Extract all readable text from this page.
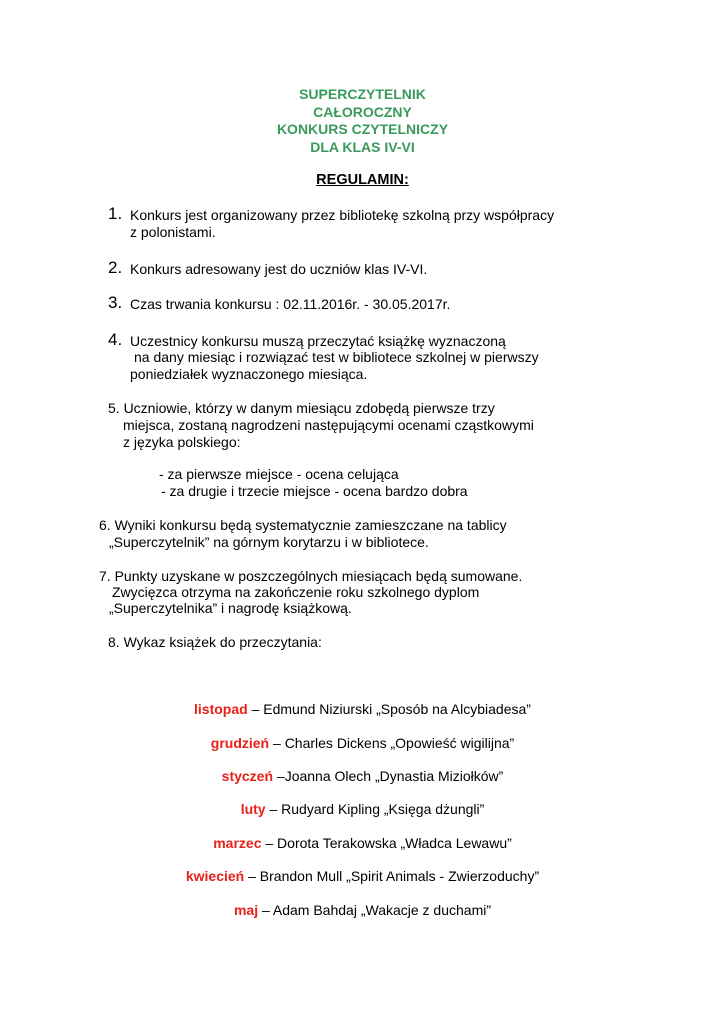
SUPERCZYTELNIK
CAŁOROCZNY
KONKURS CZYTELNICZY
DLA KLAS IV-VI
REGULAMIN:
1. Konkurs jest organizowany przez bibliotekę szkolną przy współpracy
z polonistami.
2. Konkurs adresowany jest do uczniów klas IV-VI.
3. Czas trwania konkursu : 02.11.2016r. - 30.05.2017r.
4. Uczestnicy konkursu muszą przeczytać książkę wyznaczoną
na dany miesiąc i rozwiązać test w bibliotece szkolnej w pierwszy
poniedziałek wyznaczonego miesiąca.
5. Uczniowie, którzy w danym miesiącu zdobędą pierwsze trzy
miejsca, zostaną nagrodzeni następującymi ocenami cząstkowymi
z języka polskiego:
- za pierwsze miejsce - ocena celująca
- za drugie i trzecie miejsce - ocena bardzo dobra
6. Wyniki konkursu będą systematycznie zamieszczane na tablicy
„Superczytelnik” na górnym korytarzu i w bibliotece.
7. Punkty uzyskane w poszczególnych miesiącach będą sumowane.
Zwycięzca otrzyma na zakończenie roku szkolnego dyplom
„Superczytelnika” i nagrodę książkową.
8. Wykaz książek do przeczytania:
listopad – Edmund Niziurski „Sposób na Alcybiadesa”
grudzień – Charles Dickens „Opowieść wigilijna”
styczeń –Joanna Olech „Dynastia Miziołków”
luty – Rudyard Kipling „Księga dżungli”
marzec – Dorota Terakowska „Władca Lewawu”
kwiecień – Brandon Mull „Spirit Animals - Zwierzoduchy”
maj – Adam Bahdaj „Wakacje z duchami”
